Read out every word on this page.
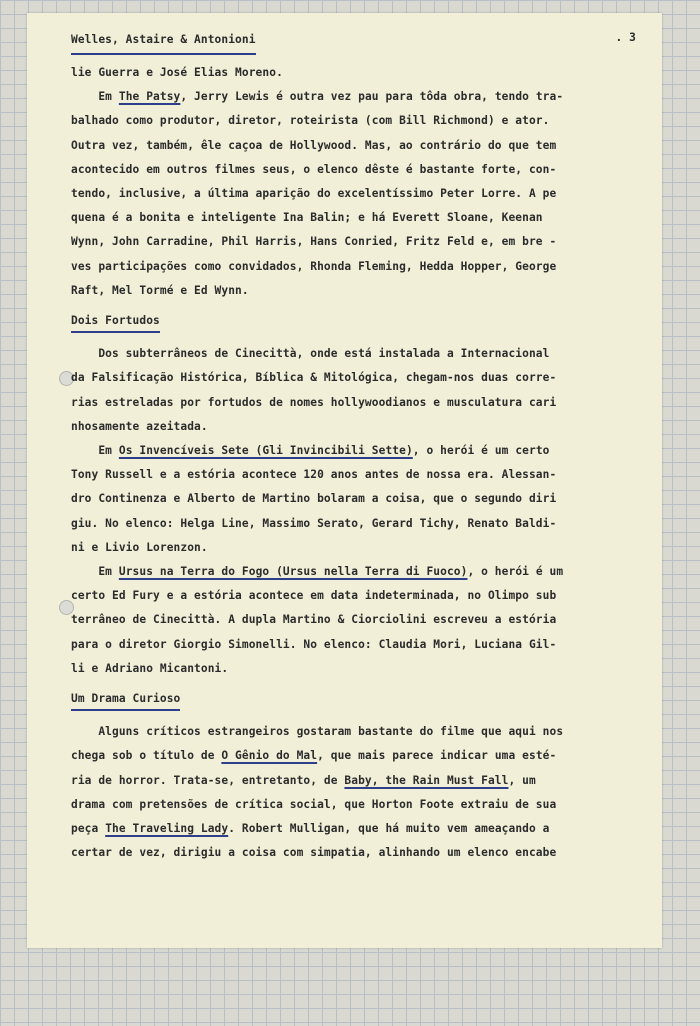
Welles, Astaire & Antonioni	. 3
lie Guerra e José Elias Moreno.
Em The Patsy, Jerry Lewis é outra vez pau para tôda obra, tendo tra-
balhado como produtor, diretor, roteirista (com Bill Richmond) e ator.
Outra vez, também, êle caçoa de Hollywood. Mas, ao contrário do que tem
acontecido em outros filmes seus, o elenco dêste é bastante forte, con-
tendo, inclusive, a última aparição do excelentíssimo Peter Lorre. A pe
quena é a bonita e inteligente Ina Balin; e há Everett Sloane, Keenan
Wynn, John Carradine, Phil Harris, Hans Conried, Fritz Feld e, em bre -
ves participações como convidados, Rhonda Fleming, Hedda Hopper, George
Raft, Mel Tormé e Ed Wynn.
Dois Fortudos
Dos subterrâneos de Cinecittà, onde está instalada a Internacional
da Falsificação Histórica, Bíblica & Mitológica, chegam-nos duas corre-
rias estreladas por fortudos de nomes hollywoodianos e musculatura cari
nhosamente azeitada.
Em Os Invencíveis Sete (Gli Invincibili Sette), o herói é um certo
Tony Russell e a estória acontece 120 anos antes de nossa era. Alessan-
dro Continenza e Alberto de Martino bolaram a coisa, que o segundo diri
giu. No elenco: Helga Line, Massimo Serato, Gerard Tichy, Renato Baldi-
ni e Livio Lorenzon.
Em Ursus na Terra do Fogo (Ursus nella Terra di Fuoco), o herói é um
certo Ed Fury e a estória acontece em data indeterminada, no Olimpo sub
terrâneo de Cinecittà. A dupla Martino & Ciorciolini escreveu a estória
para o diretor Giorgio Simonelli. No elenco: Claudia Mori, Luciana Gil-
li e Adriano Micantoni.
Um Drama Curioso
Alguns críticos estrangeiros gostaram bastante do filme que aqui nos
chega sob o título de O Gênio do Mal, que mais parece indicar uma esté-
ria de horror. Trata-se, entretanto, de Baby, the Rain Must Fall, um
drama com pretensões de crítica social, que Horton Foote extraiu de sua
peça The Traveling Lady. Robert Mulligan, que há muito vem ameaçando a
certar de vez, dirigiu a coisa com simpatia, alinhando um elenco encabe
